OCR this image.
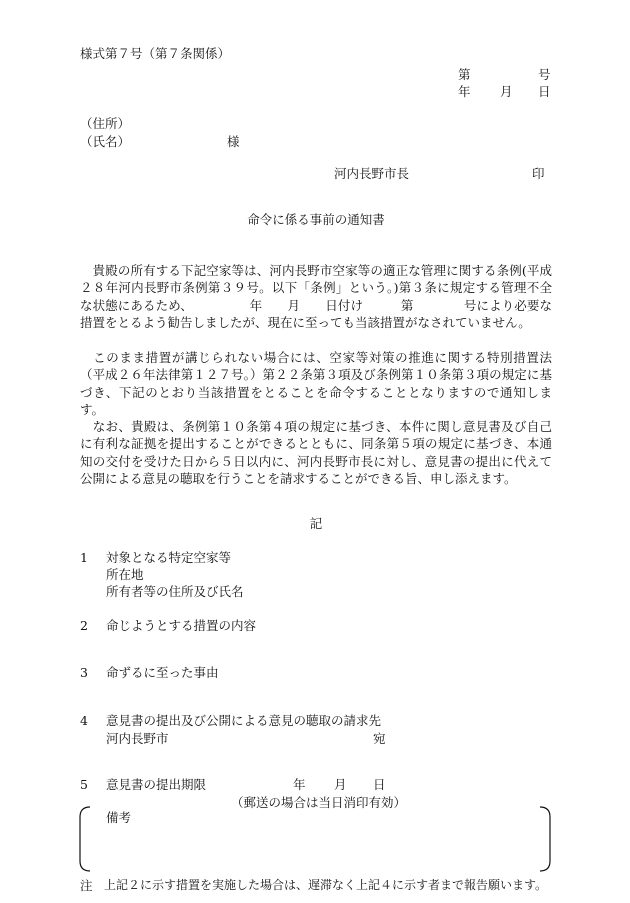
様式第７号（第７条関係）
第	号
年 月 日
（住所）
（氏名）	様
河内長野市長	印
命令に係る事前の通知書
　貴殿の所有する下記空家等は、河内長野市空家等の適正な管理に関する条例(平成２８年河内長野市条例第３９号。以下「条例」という。)第３条に規定する管理不全な状態にあるため、　　　　　年　　月　　日付け　　　第　　　　号により必要な措置をとるよう勧告しましたが、現在に至っても当該措置がなされていません。
　このまま措置が講じられない場合には、空家等対策の推進に関する特別措置法（平成２６年法律第１２７号。）第２２条第３項及び条例第１０条第３項の規定に基づき、下記のとおり当該措置をとることを命令することとなりますので通知します。
　なお、貴殿は、条例第１０条第４項の規定に基づき、本件に関し意見書及び自己に有利な証拠を提出することができるとともに、同条第５項の規定に基づき、本通知の交付を受けた日から５日以内に、河内長野市長に対し、意見書の提出に代えて公開による意見の聴取を行うことを請求することができる旨、申し添えます。
記
1 対象となる特定空家等
所在地
所有者等の住所及び氏名
2 命じようとする措置の内容
3 命ずるに至った事由
4 意見書の提出及び公開による意見の聴取の請求先
河内長野市	宛
5 意見書の提出期限	年 月 日
（郵送の場合は当日消印有効）
備考
注 上記２に示す措置を実施した場合は、遅滞なく上記４に示す者まで報告願います。
